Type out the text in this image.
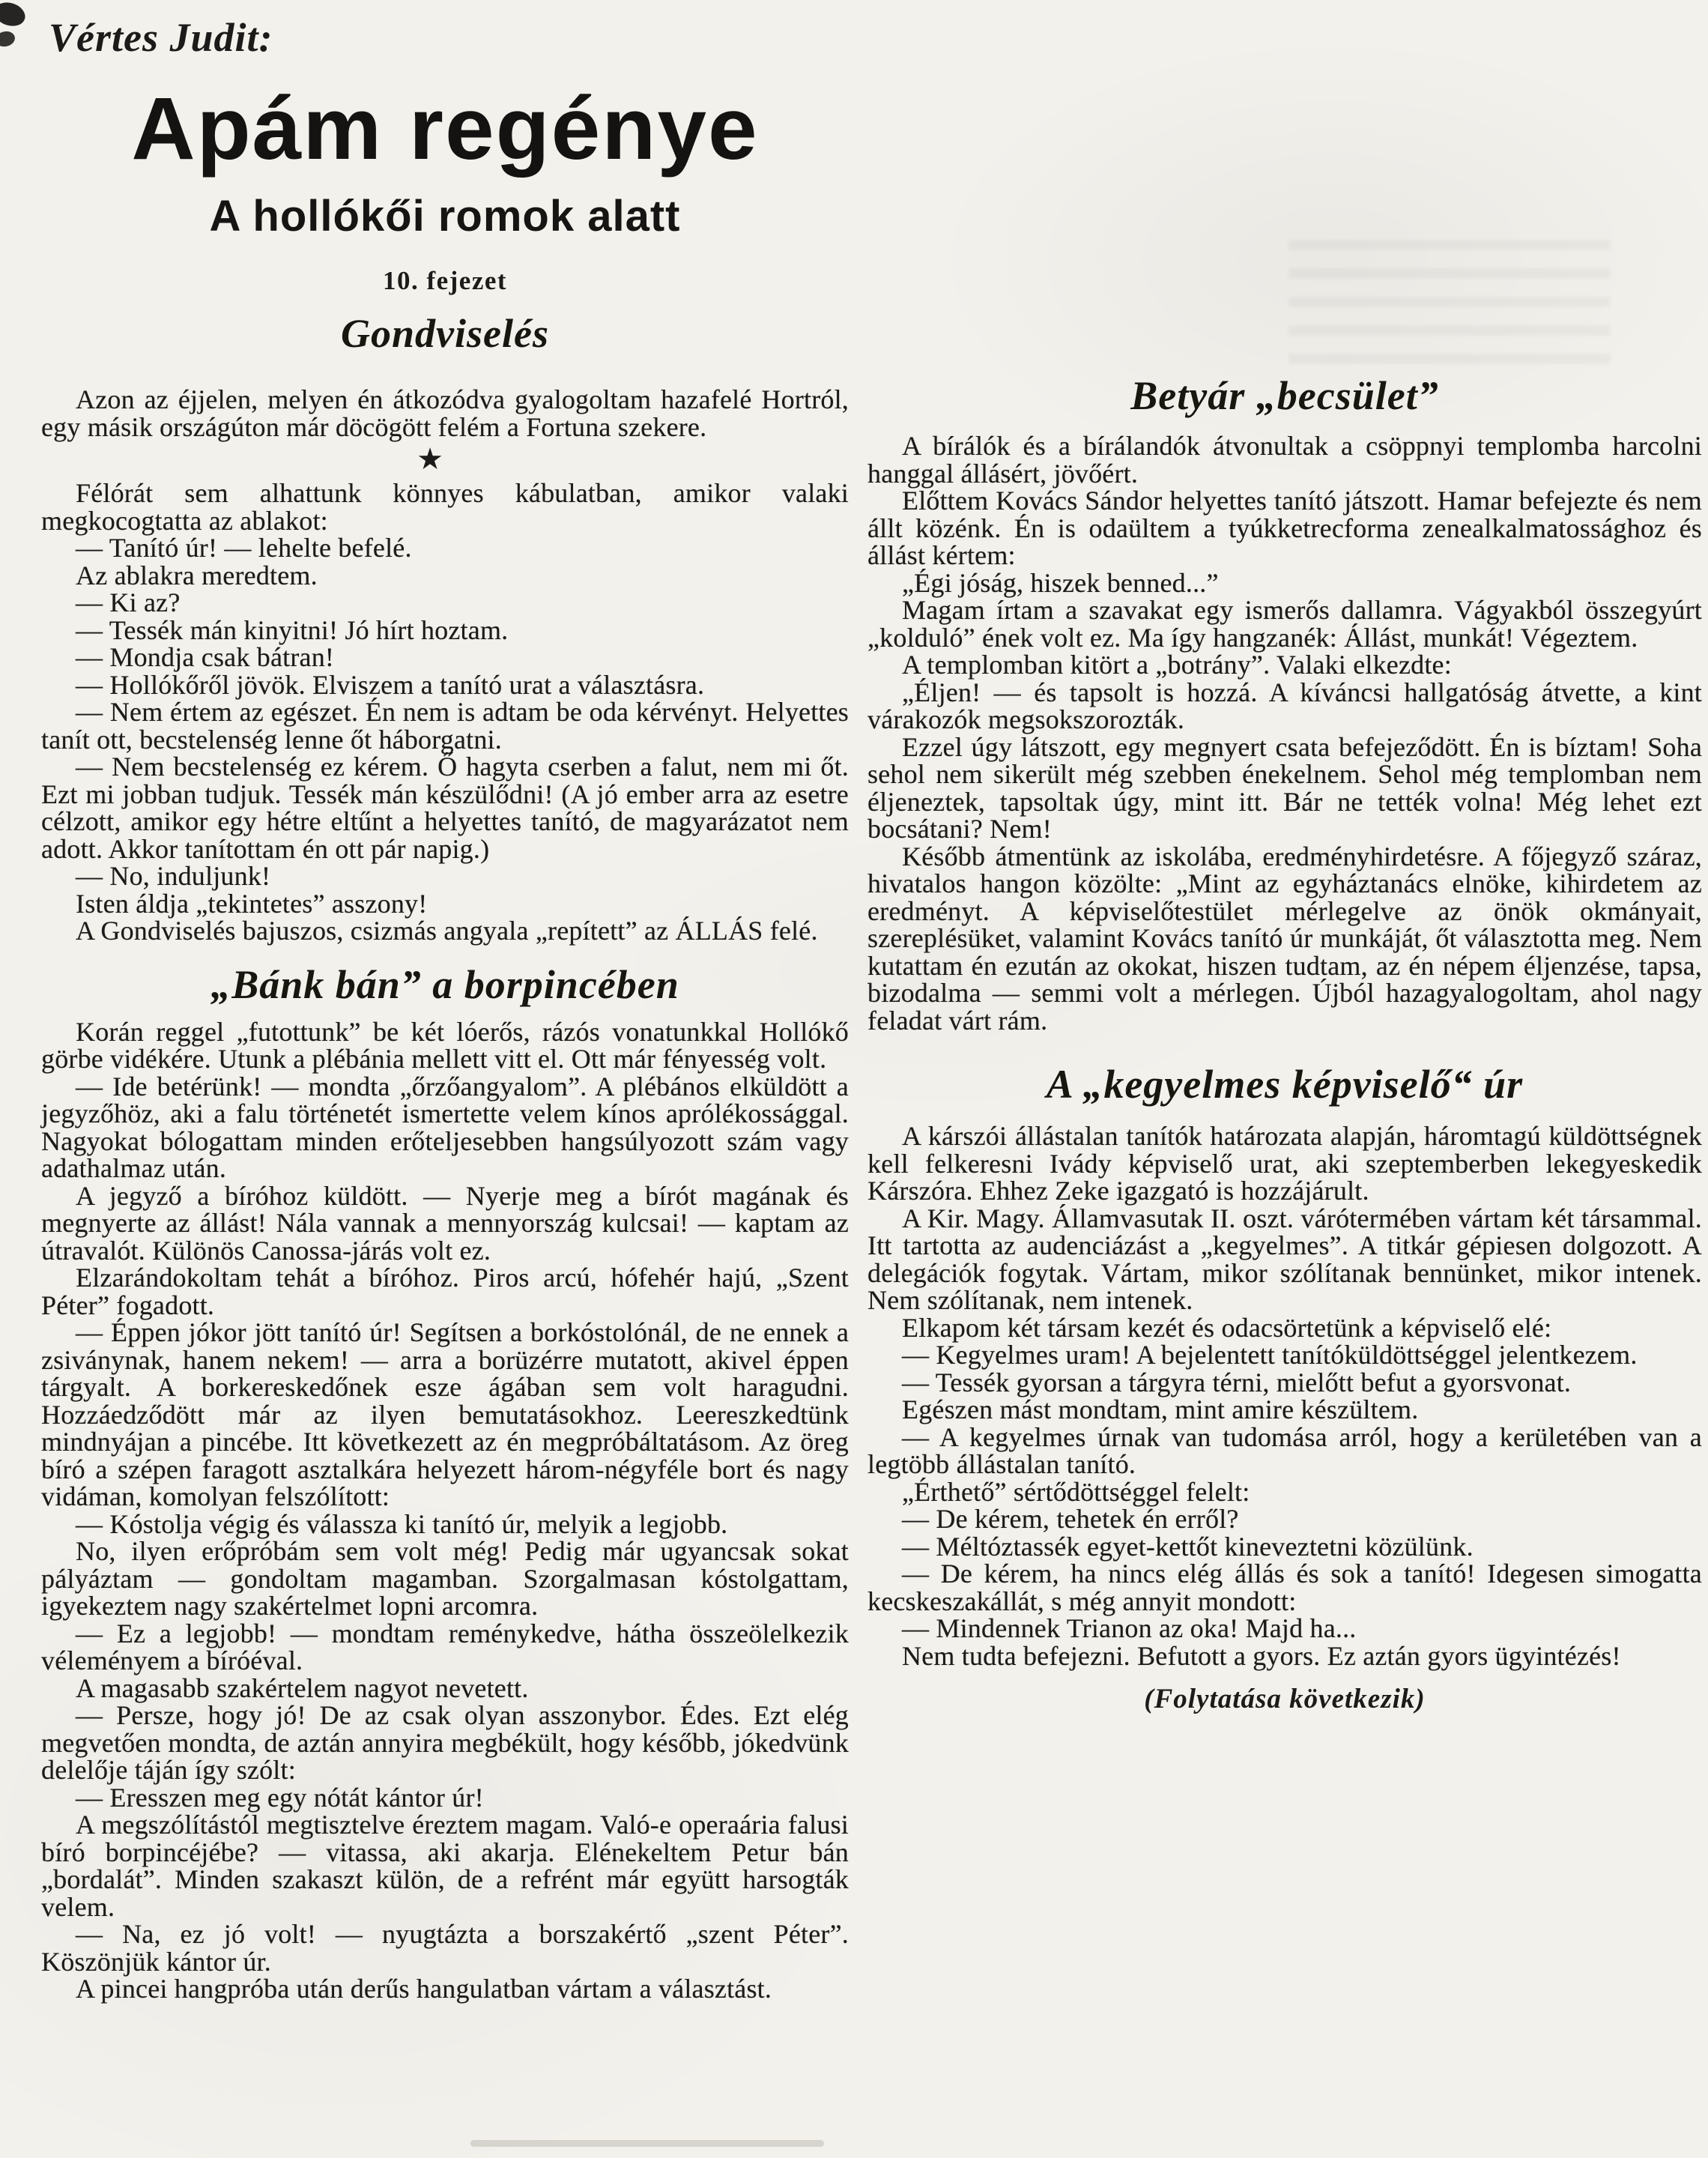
Vértes Judit:

Apám regénye
A hollókői romok alatt
10. fejezet
Gondviselés

Azon az éjjelen, melyen én átkozódva gyalogoltam hazafelé Hortról, egy másik országúton már döcögött felém a Fortuna szekere.

★

Félórát sem alhattunk könnyes kábulatban, amikor valaki megkocogtatta az ablakot:

— Tanító úr! — lehelte befelé.

Az ablakra meredtem.

— Ki az?

— Tessék mán kinyitni! Jó hírt hoztam.

— Mondja csak bátran!

— Hollókőről jövök. Elviszem a tanító urat a választásra.

— Nem értem az egészet. Én nem is adtam be oda kérvényt. Helyettes tanít ott, becstelenség lenne őt háborgatni.

— Nem becstelenség ez kérem. Ő hagyta cserben a falut, nem mi őt. Ezt mi jobban tudjuk. Tessék mán készülődni! (A jó ember arra az esetre célzott, amikor egy hétre eltűnt a helyettes tanító, de magyarázatot nem adott. Akkor tanítottam én ott pár napig.)

— No, induljunk!

Isten áldja „tekintetes” asszony!

A Gondviselés bajuszos, csizmás angyala „repített” az ÁLLÁS felé.

„Bánk bán” a borpincében

Korán reggel „futottunk” be két lóerős, rázós vonatunkkal Hollókő görbe vidékére. Utunk a plébánia mellett vitt el. Ott már fényesség volt.

— Ide betérünk! — mondta „őrzőangyalom”. A plébános elküldött a jegyzőhöz, aki a falu történetét ismertette velem kínos aprólékossággal. Nagyokat bólogattam minden erőteljesebben hangsúlyozott szám vagy adathalmaz után.

A jegyző a bíróhoz küldött. — Nyerje meg a bírót magának és megnyerte az állást! Nála vannak a mennyország kulcsai! — kaptam az útravalót. Különös Canossa-járás volt ez.

Elzarándokoltam tehát a bíróhoz. Piros arcú, hófehér hajú, „Szent Péter” fogadott.

— Éppen jókor jött tanító úr! Segítsen a borkóstolónál, de ne ennek a zsiványnak, hanem nekem! — arra a borüzérre mutatott, akivel éppen tárgyalt. A borkereskedőnek esze ágában sem volt haragudni. Hozzáedződött már az ilyen bemutatásokhoz. Leereszkedtünk mindnyájan a pincébe. Itt következett az én megpróbáltatásom. Az öreg bíró a szépen faragott asztalkára helyezett három-négyféle bort és nagy vidáman, komolyan felszólított:

— Kóstolja végig és válassza ki tanító úr, melyik a legjobb.

No, ilyen erőpróbám sem volt még! Pedig már ugyancsak sokat pályáztam — gondoltam magamban. Szorgalmasan kóstolgattam, igyekeztem nagy szakértelmet lopni arcomra.

— Ez a legjobb! — mondtam reménykedve, hátha összeölelkezik véleményem a bíróéval.

A magasabb szakértelem nagyot nevetett.

— Persze, hogy jó! De az csak olyan asszonybor. Édes. Ezt elég megvetően mondta, de aztán annyira megbékült, hogy később, jókedvünk delelője táján így szólt:

— Eresszen meg egy nótát kántor úr!

A megszólítástól megtisztelve éreztem magam. Való-e operaária falusi bíró borpincéjébe? — vitassa, aki akarja. Elénekeltem Petur bán „bordalát”. Minden szakaszt külön, de a refrént már együtt harsogták velem.

— Na, ez jó volt! — nyugtázta a borszakértő „szent Péter”. Köszönjük kántor úr.

A pincei hangpróba után derűs hangulatban vártam a választást.

Betyár „becsület”

A bírálók és a bírálandók átvonultak a csöppnyi templomba harcolni hanggal állásért, jövőért.

Előttem Kovács Sándor helyettes tanító játszott. Hamar befejezte és nem állt közénk. Én is odaültem a tyúkketrecforma zenealkalmatossághoz és állást kértem:

„Égi jóság, hiszek benned...”

Magam írtam a szavakat egy ismerős dallamra. Vágyakból összegyúrt „kolduló” ének volt ez. Ma így hangzanék: Állást, munkát! Végeztem.

A templomban kitört a „botrány”. Valaki elkezdte:

„Éljen! — és tapsolt is hozzá. A kíváncsi hallgatóság átvette, a kint várakozók megsokszorozták.

Ezzel úgy látszott, egy megnyert csata befejeződött. Én is bíztam! Soha sehol nem sikerült még szebben énekelnem. Sehol még templomban nem éljeneztek, tapsoltak úgy, mint itt. Bár ne tették volna! Még lehet ezt bocsátani? Nem!

Később átmentünk az iskolába, eredményhirdetésre. A főjegyző száraz, hivatalos hangon közölte: „Mint az egyháztanács elnöke, kihirdetem az eredményt. A képviselőtestület mérlegelve az önök okmányait, szereplésüket, valamint Kovács tanító úr munkáját, őt választotta meg. Nem kutattam én ezután az okokat, hiszen tudtam, az én népem éljenzése, tapsa, bizodalma — semmi volt a mérlegen. Újból hazagyalogoltam, ahol nagy feladat várt rám.

A „kegyelmes képviselő“ úr

A kárszói állástalan tanítók határozata alapján, háromtagú küldöttségnek kell felkeresni Ivády képviselő urat, aki szeptemberben lekegyeskedik Kárszóra. Ehhez Zeke igazgató is hozzájárult.

A Kir. Magy. Államvasutak II. oszt. várótermében vártam két társammal. Itt tartotta az audenciázást a „kegyelmes”. A titkár gépiesen dolgozott. A delegációk fogytak. Vártam, mikor szólítanak bennünket, mikor intenek. Nem szólítanak, nem intenek.

Elkapom két társam kezét és odacsörtetünk a képviselő elé:

— Kegyelmes uram! A bejelentett tanítóküldöttséggel jelentkezem.

— Tessék gyorsan a tárgyra térni, mielőtt befut a gyorsvonat.

Egészen mást mondtam, mint amire készültem.

— A kegyelmes úrnak van tudomása arról, hogy a kerületében van a legtöbb állástalan tanító.

„Érthető” sértődöttséggel felelt:

— De kérem, tehetek én erről?

— Méltóztassék egyet-kettőt kineveztetni közülünk.

— De kérem, ha nincs elég állás és sok a tanító! Idegesen simogatta kecskeszakállát, s még annyit mondott:

— Mindennek Trianon az oka! Majd ha...

Nem tudta befejezni. Befutott a gyors. Ez aztán gyors ügyintézés!

(Folytatása következik)
